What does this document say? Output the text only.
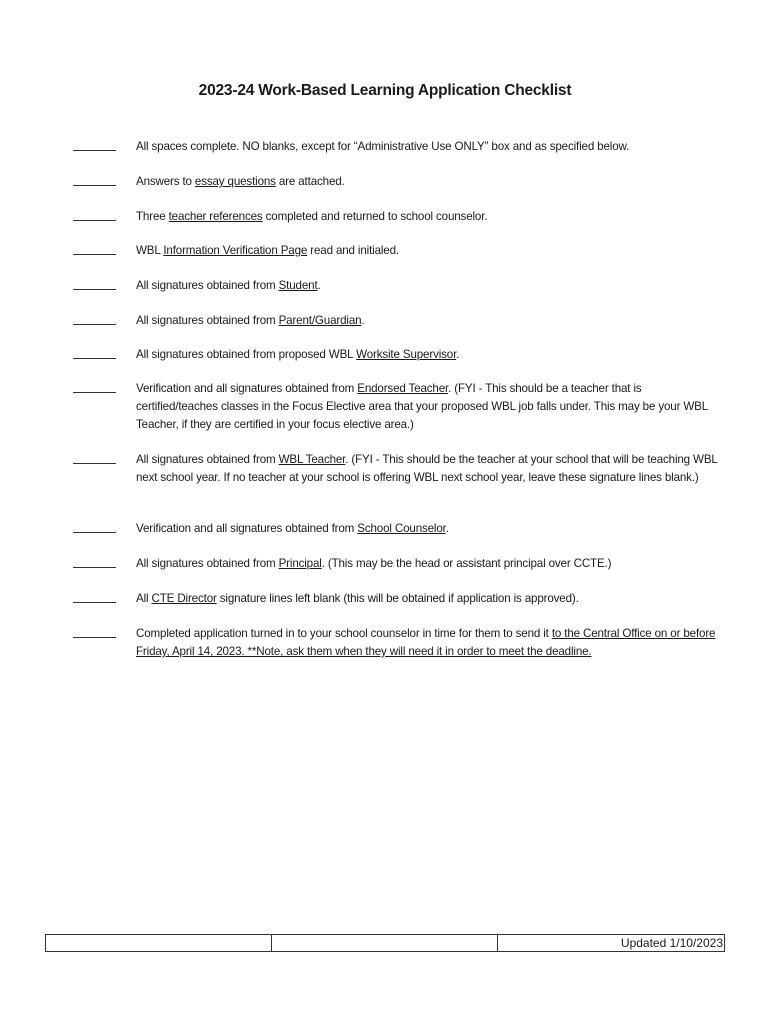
2023-24 Work-Based Learning Application Checklist
All spaces complete. NO blanks, except for “Administrative Use ONLY” box and as specified below.
Answers to essay questions are attached.
Three teacher references completed and returned to school counselor.
WBL Information Verification Page read and initialed.
All signatures obtained from Student.
All signatures obtained from Parent/Guardian.
All signatures obtained from proposed WBL Worksite Supervisor.
Verification and all signatures obtained from Endorsed Teacher. (FYI - This should be a teacher that is certified/teaches classes in the Focus Elective area that your proposed WBL job falls under. This may be your WBL Teacher, if they are certified in your focus elective area.)
All signatures obtained from WBL Teacher. (FYI - This should be the teacher at your school that will be teaching WBL next school year. If no teacher at your school is offering WBL next school year, leave these signature lines blank.)
Verification and all signatures obtained from School Counselor.
All signatures obtained from Principal. (This may be the head or assistant principal over CCTE.)
All CTE Director signature lines left blank (this will be obtained if application is approved).
Completed application turned in to your school counselor in time for them to send it to the Central Office on or before Friday, April 14, 2023. **Note, ask them when they will need it in order to meet the deadline.
Updated 1/10/2023
